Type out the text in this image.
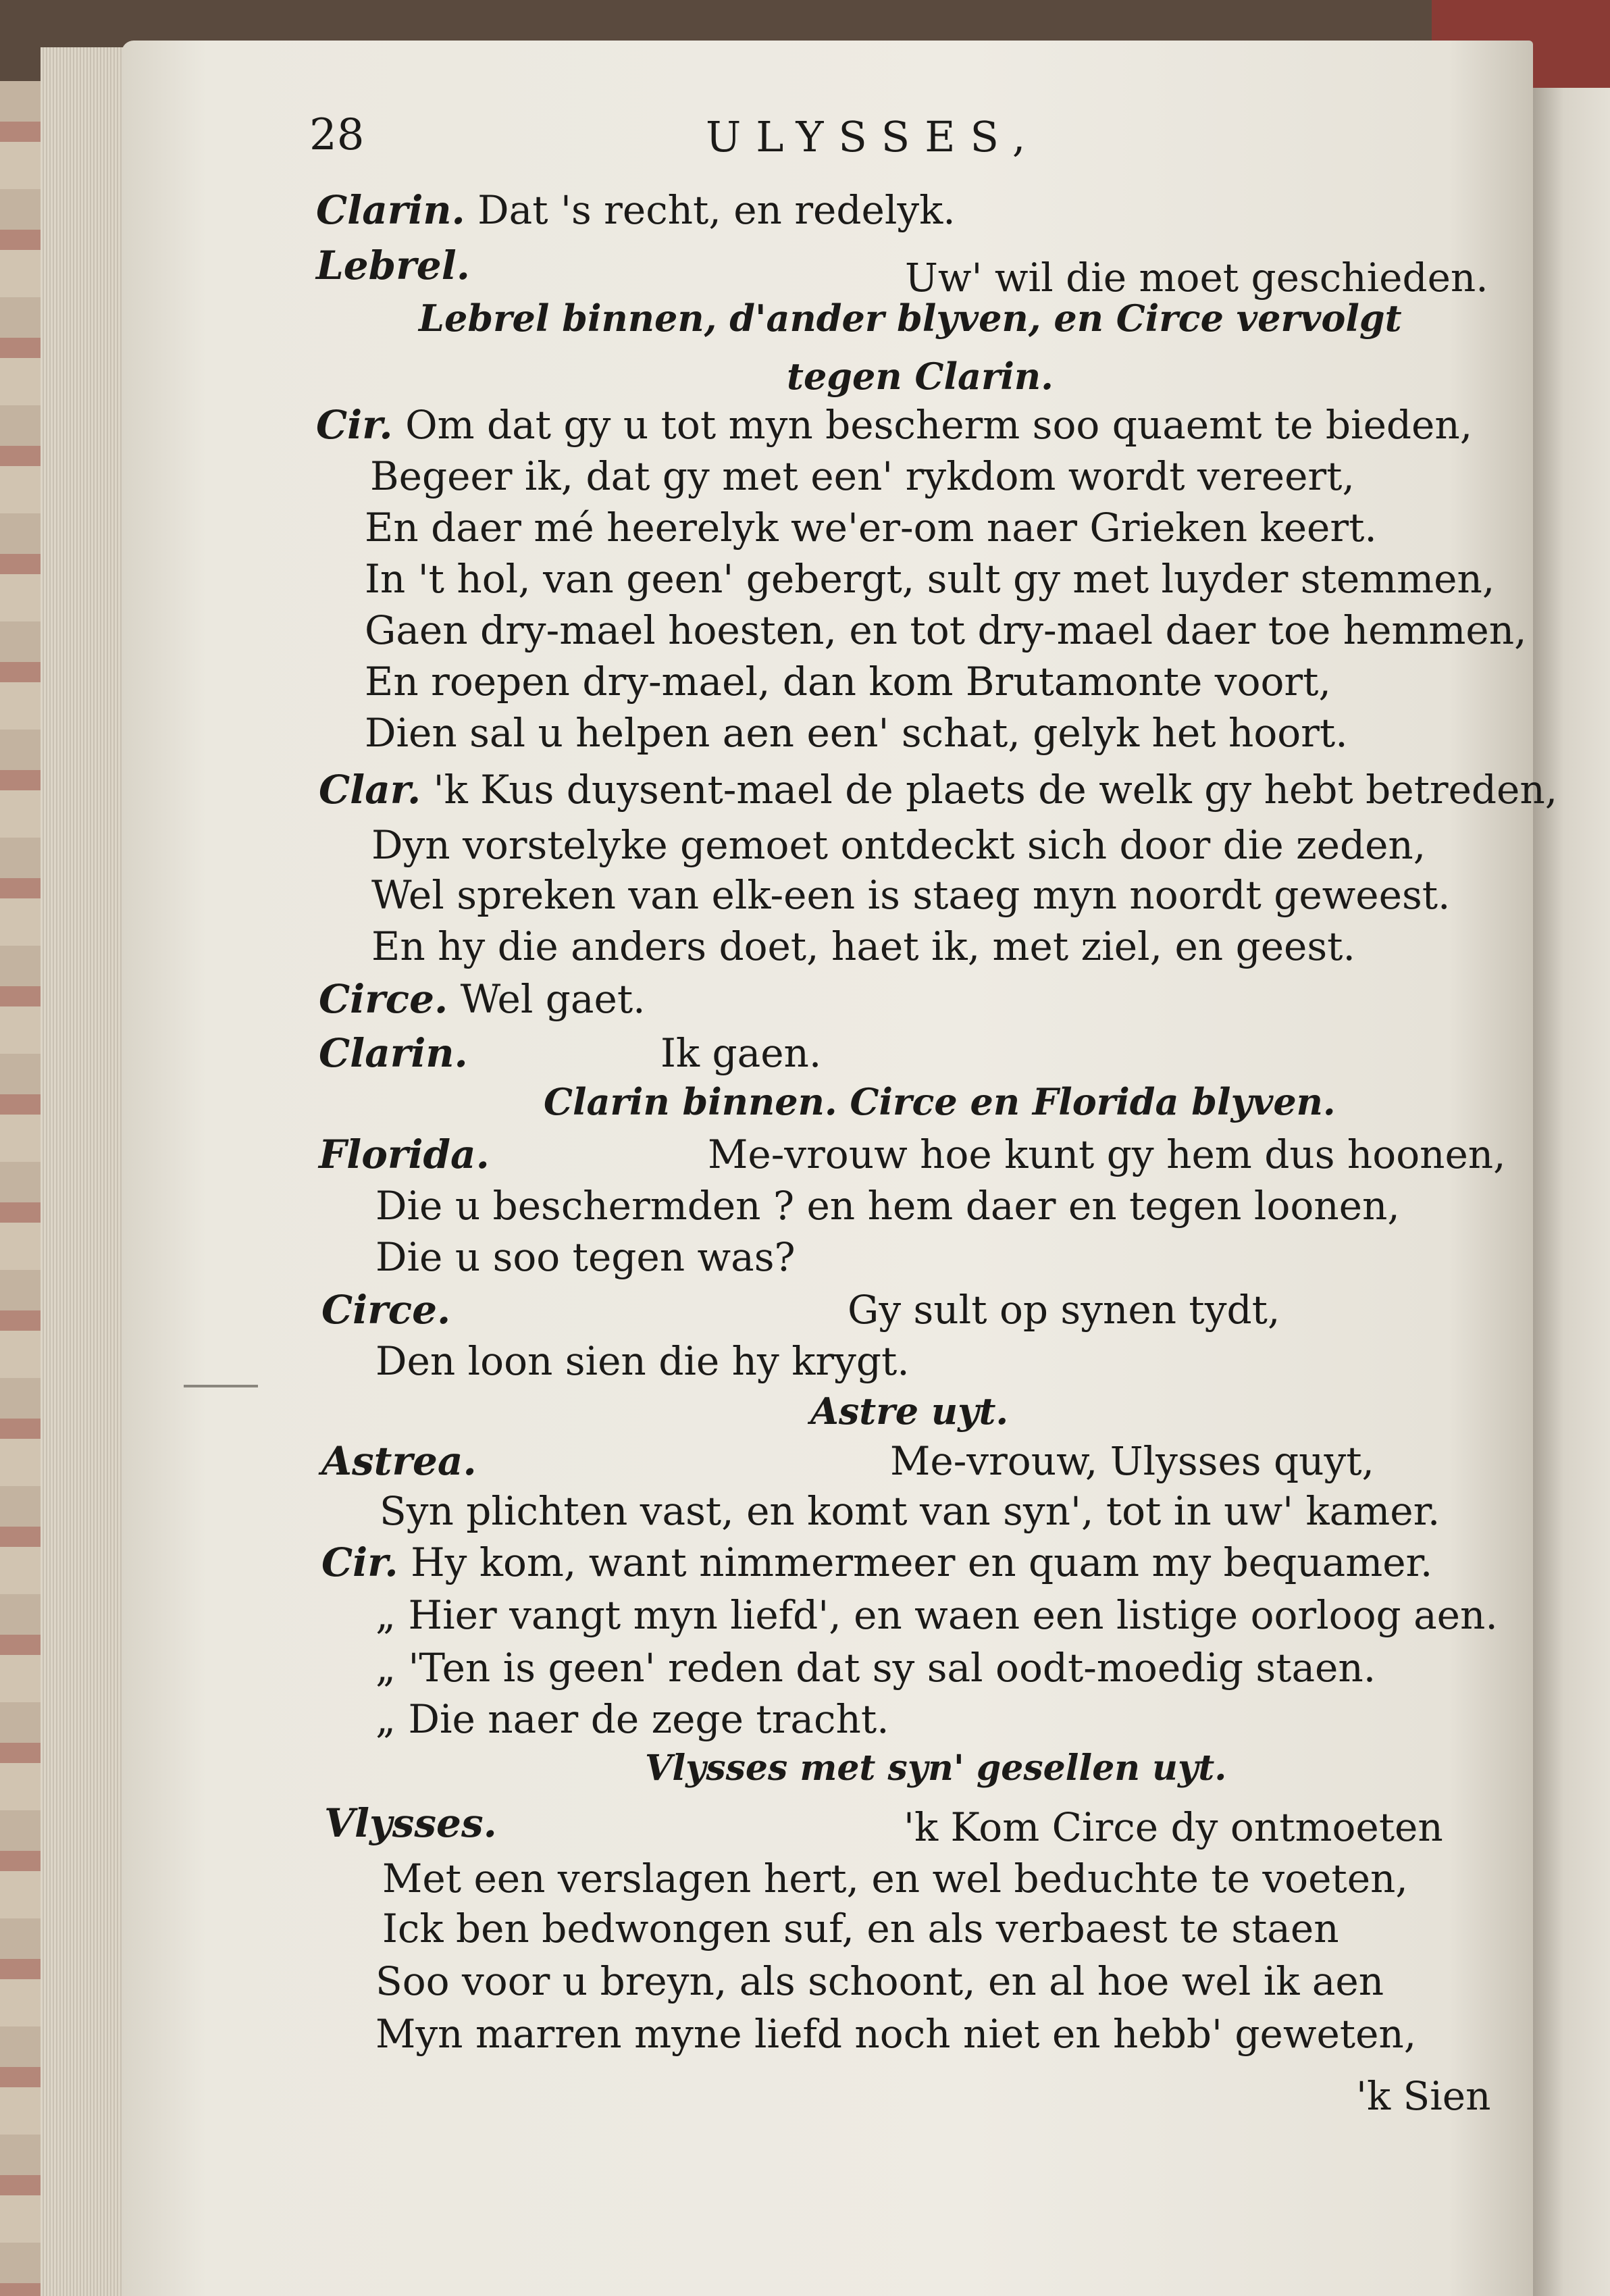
28	ULYSSES,
Clarin. Dat 's recht, en redelyk.
Lebrel.	Uw' wil die moet geschieden.
Lebrel binnen, d'ander blyven, en Circe vervolgt
tegen Clarin.
Cir. Om dat gy u tot myn bescherm soo quaemt te bieden,
Begeer ik, dat gy met een' rykdom wordt vereert,
En daer mé heerelyk we'er-om naer Grieken keert.
In 't hol, van geen' gebergt, sult gy met luyder stemmen,
Gaen dry-mael hoesten, en tot dry-mael daer toe hemmen,
En roepen dry-mael, dan kom Brutamonte voort,
Dien sal u helpen aen een' schat, gelyk het hoort.
Clar. 'k Kus duysent-mael de plaets de welk gy hebt betreden,
Dyn vorstelyke gemoet ontdeckt sich door die zeden,
Wel spreken van elk-een is staeg myn noordt geweest.
En hy die anders doet, haet ik, met ziel, en geest.
Circe. Wel gaet.
Clarin.	Ik gaen.
Clarin binnen. Circe en Florida blyven.
Florida.	Me-vrouw hoe kunt gy hem dus hoonen,
Die u beschermden ? en hem daer en tegen loonen,
Die u soo tegen was?
Circe.	Gy sult op synen tydt,
Den loon sien die hy krygt.
Astre uyt.
Astrea.	Me-vrouw, Ulysses quyt,
Syn plichten vast, en komt van syn', tot in uw' kamer.
Cir. Hy kom, want nimmermeer en quam my bequamer.
„ Hier vangt myn liefd', en waen een listige oorloog aen.
„ 'Ten is geen' reden dat sy sal oodt-moedig staen.
„ Die naer de zege tracht.
Vlysses met syn' gesellen uyt.
Vlysses.	'k Kom Circe dy ontmoeten
Met een verslagen hert, en wel beduchte te voeten,
Ick ben bedwongen suf, en als verbaest te staen
Soo voor u breyn, als schoont, en al hoe wel ik aen
Myn marren myne liefd noch niet en hebb' geweten,
'k Sien
